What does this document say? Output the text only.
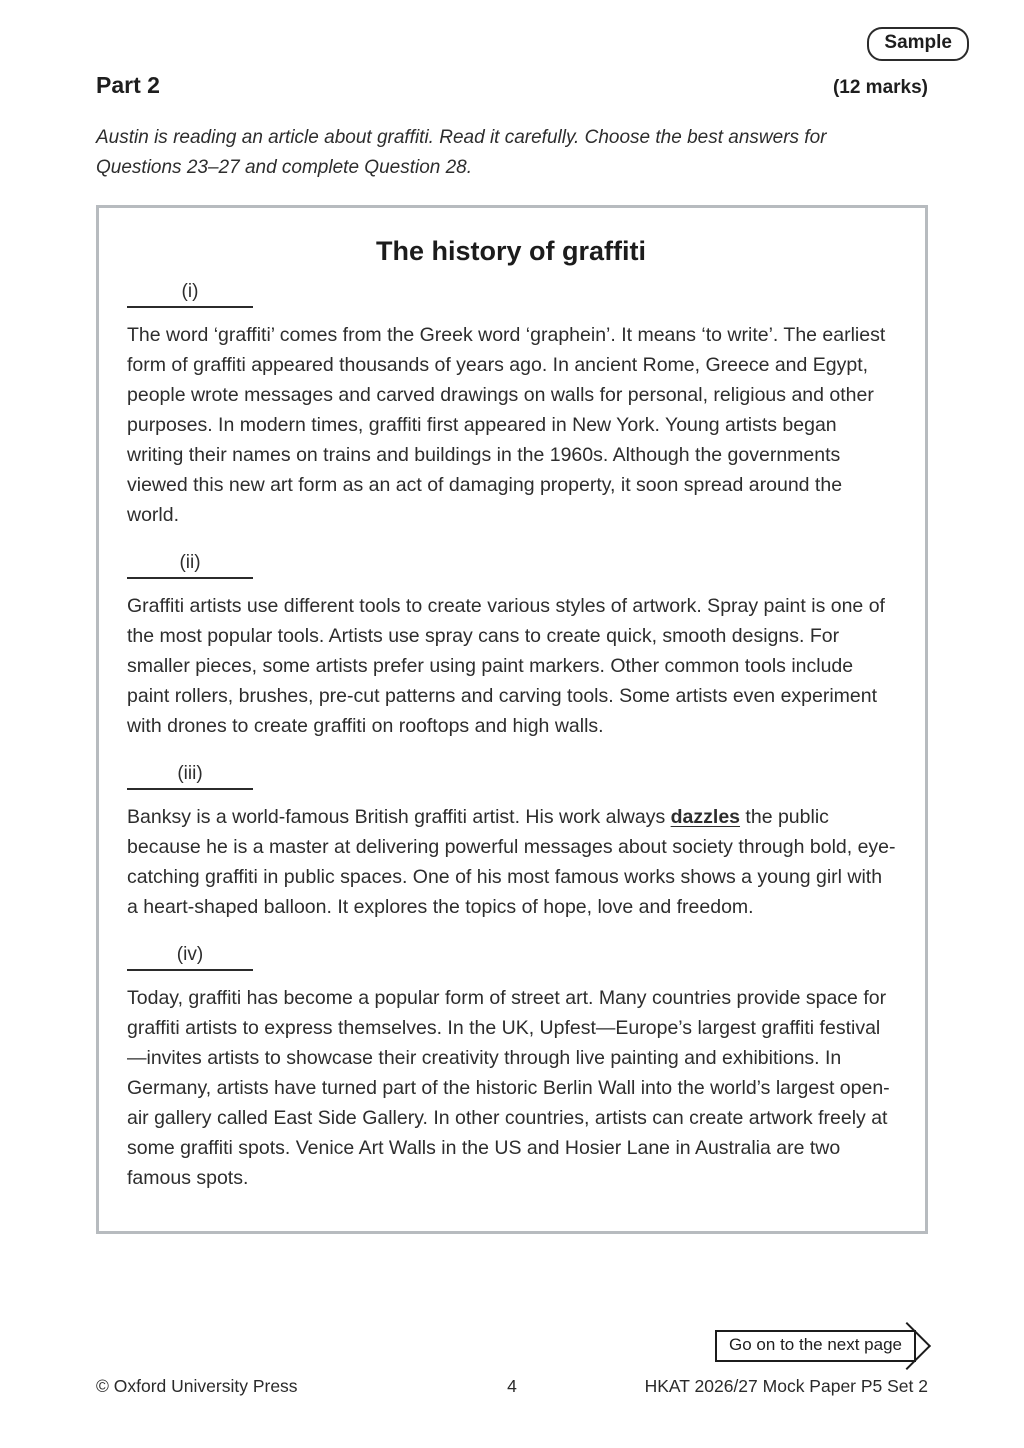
Sample
Part 2	(12 marks)

Austin is reading an article about graffiti. Read it carefully. Choose the best answers for Questions 23–27 and complete Question 28.

The history of graffiti
(i)

The word ‘graffiti’ comes from the Greek word ‘graphein’. It means ‘to write’. The earliest form of graffiti appeared thousands of years ago. In ancient Rome, Greece and Egypt, people wrote messages and carved drawings on walls for personal, religious and other purposes. In modern times, graffiti first appeared in New York. Young artists began writing their names on trains and buildings in the 1960s. Although the governments viewed this new art form as an act of damaging property, it soon spread around the world.

(ii)

Graffiti artists use different tools to create various styles of artwork. Spray paint is one of the most popular tools. Artists use spray cans to create quick, smooth designs. For smaller pieces, some artists prefer using paint markers. Other common tools include paint rollers, brushes, pre-cut patterns and carving tools. Some artists even experiment with drones to create graffiti on rooftops and high walls.

(iii)

Banksy is a world-famous British graffiti artist. His work always dazzles the public because he is a master at delivering powerful messages about society through bold, eye-catching graffiti in public spaces. One of his most famous works shows a young girl with a heart-shaped balloon. It explores the topics of hope, love and freedom.

(iv)

Today, graffiti has become a popular form of street art. Many countries provide space for graffiti artists to express themselves. In the UK, Upfest—Europe’s largest graffiti festival—invites artists to showcase their creativity through live painting and exhibitions. In Germany, artists have turned part of the historic Berlin Wall into the world’s largest open-air gallery called East Side Gallery. In other countries, artists can create artwork freely at some graffiti spots. Venice Art Walls in the US and Hosier Lane in Australia are two famous spots.

Go on to the next page
© Oxford University Press	4	HKAT 2026/27 Mock Paper P5 Set 2
